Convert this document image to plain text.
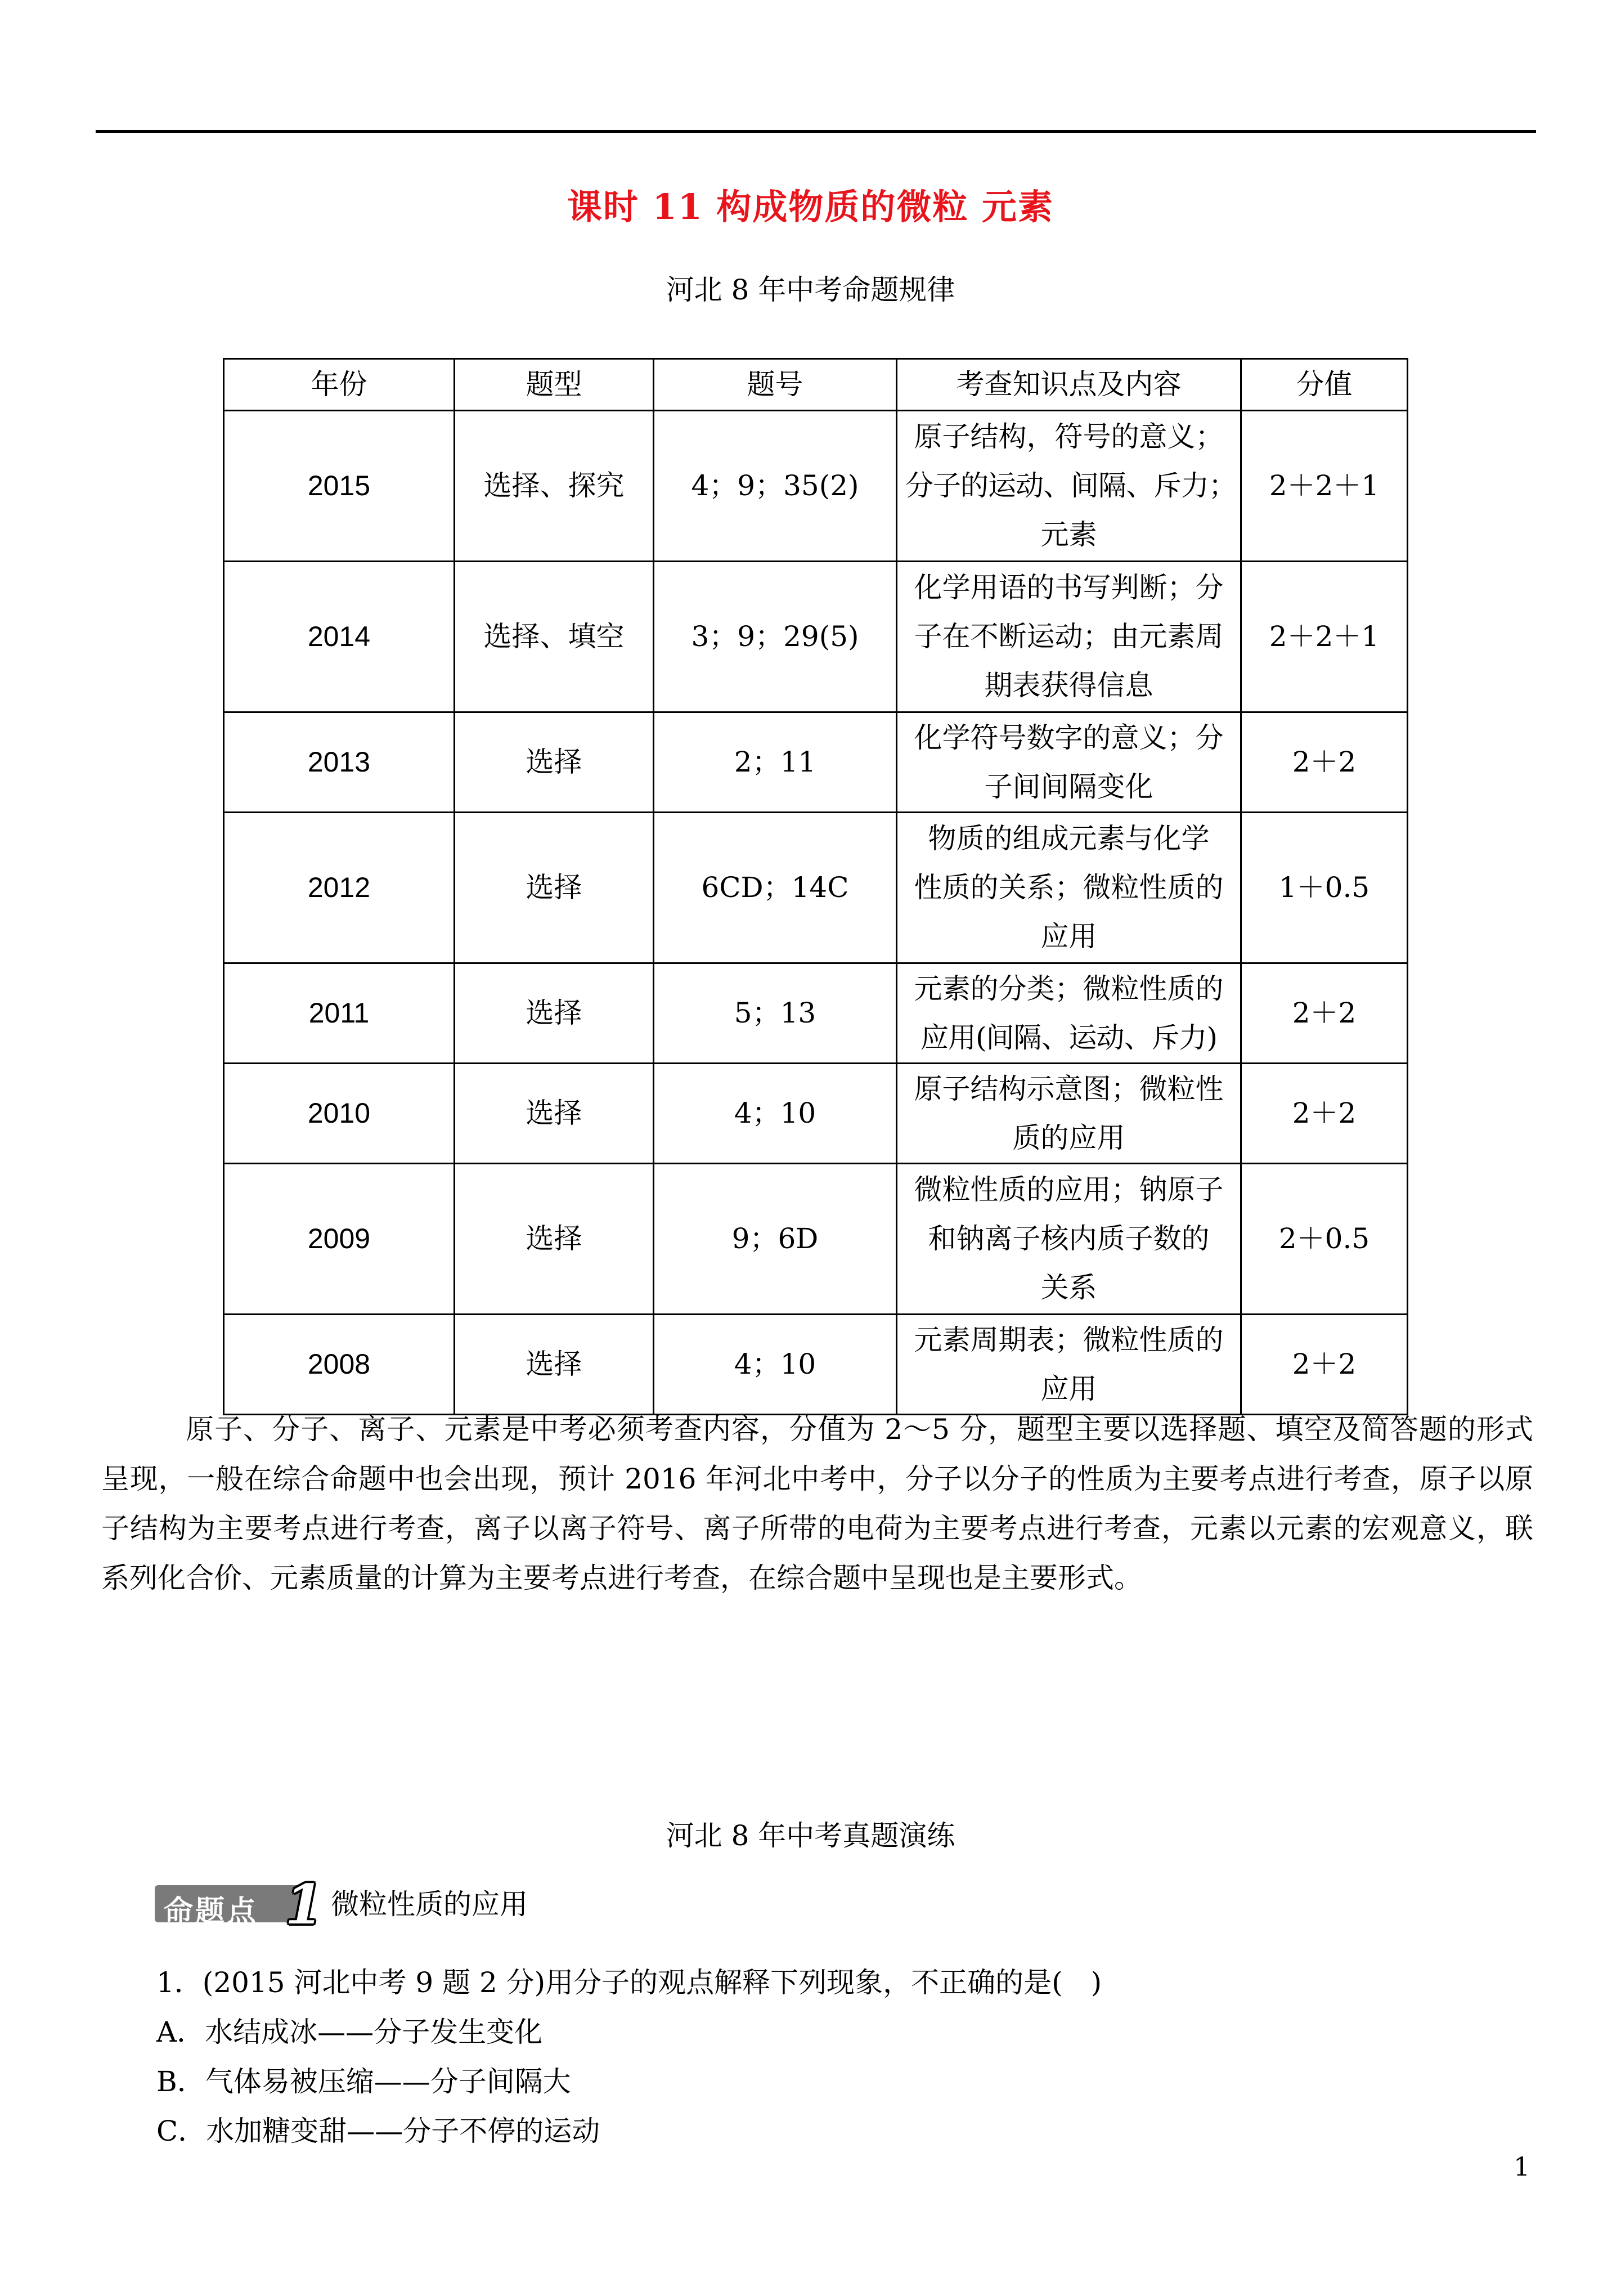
课时 11 构成物质的微粒 元素
河北 8 年中考命题规律
年份	题型	题号	考查知识点及内容	分值
2015	选择、探究	4；9；35(2)	原子结构，符号的意义；
分子的运动、间隔、斥力；
元素	2＋2＋1
2014	选择、填空	3；9；29(5)	化学用语的书写判断；分
子在不断运动；由元素周
期表获得信息	2＋2＋1
2013	选择	2；11	化学符号数字的意义；分
子间间隔变化	2＋2
2012	选择	6CD；14C	物质的组成元素与化学
性质的关系；微粒性质的
应用	1＋0.5
2011	选择	5；13	元素的分类；微粒性质的
应用(间隔、运动、斥力)	2＋2
2010	选择	4；10	原子结构示意图；微粒性
质的应用	2＋2
2009	选择	9；6D	微粒性质的应用；钠原子
和钠离子核内质子数的
关系	2＋0.5
2008	选择	4；10	元素周期表；微粒性质的
应用	2＋2

原子、分子、离子、元素是中考必须考查内容，分值为 2～5 分，题型主要以选择题、填空及简答题的形式呈现，一般在综合命题中也会出现，预计 2016 年河北中考中，分子以分子的性质为主要考点进行考查，原子以原子结构为主要考点进行考查，离子以离子符号、离子所带的电荷为主要考点进行考查，元素以元素的宏观意义，联系列化合价、元素质量的计算为主要考点进行考查，在综合题中呈现也是主要形式。

河北 8 年中考真题演练
命题点 1 微粒性质的应用
1．(2015 河北中考 9 题 2 分)用分子的观点解释下列现象，不正确的是(　)
A．水结成冰——分子发生变化
B．气体易被压缩——分子间隔大
C．水加糖变甜——分子不停的运动
1
